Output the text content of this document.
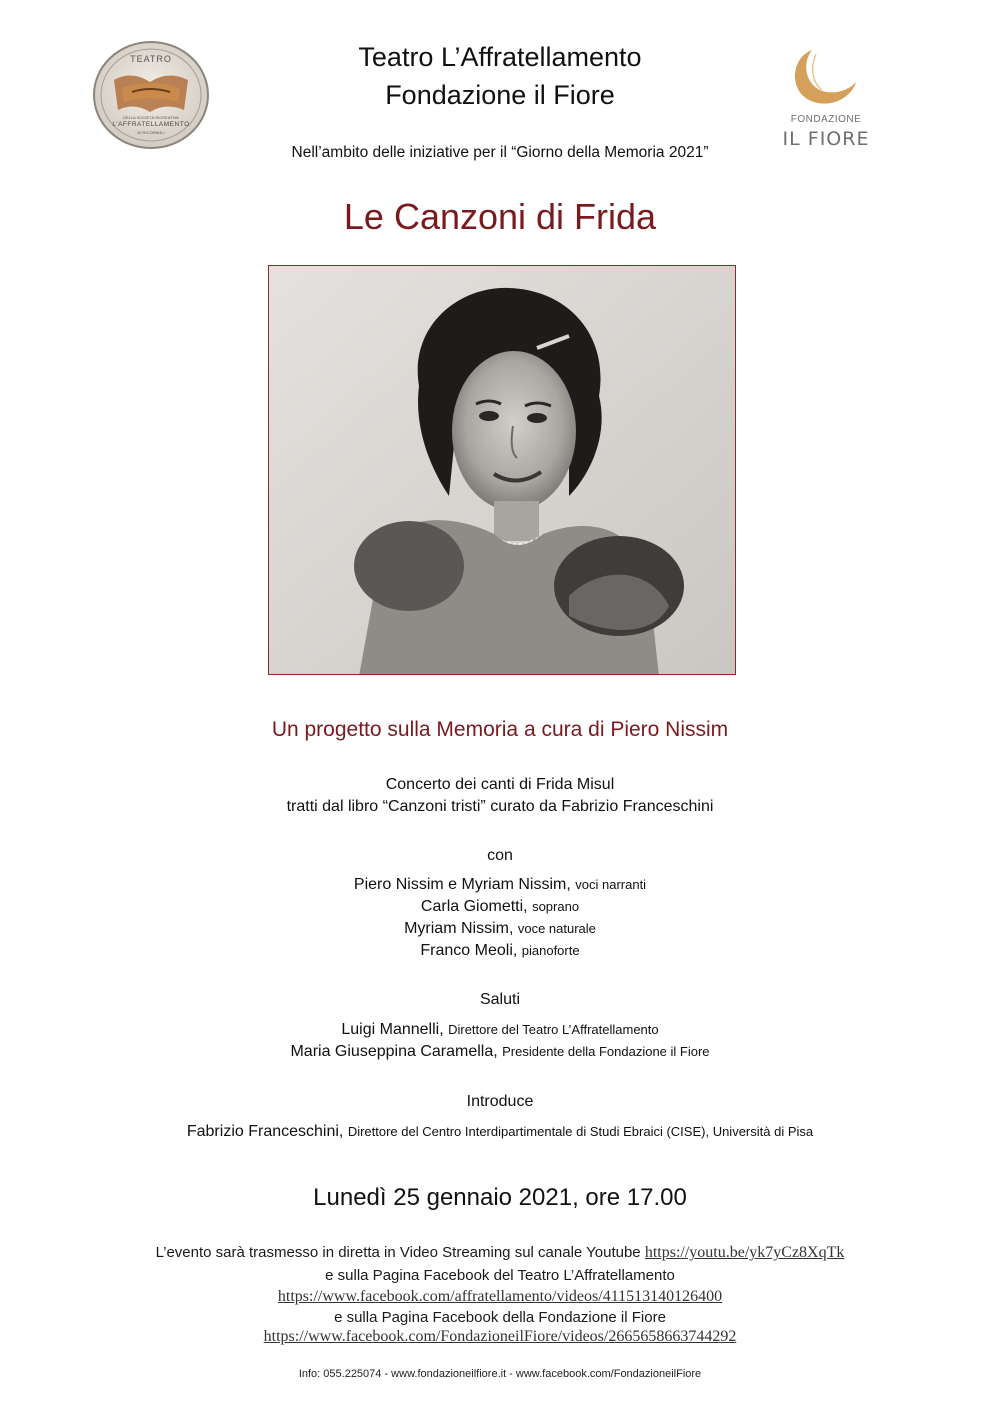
TEATRO
DELLA SOCIETÀ RICREATIVA
L’AFFRATELLAMENTO
DI RICORBOLI
Teatro L’Affratellamento
Fondazione il Fiore
FONDAZIONE
IL FIORE
Nell’ambito delle iniziative per il “Giorno della Memoria 2021”
Le Canzoni di Frida
Un progetto sulla Memoria a cura di Piero Nissim
Concerto dei canti di Frida Misul
tratti dal libro “Canzoni tristi” curato da Fabrizio Franceschini
con
Piero Nissim e Myriam Nissim, voci narranti
Carla Giometti, soprano
Myriam Nissim, voce naturale
Franco Meoli, pianoforte
Saluti
Luigi Mannelli, Direttore del Teatro L’Affratellamento
Maria Giuseppina Caramella, Presidente della Fondazione il Fiore
Introduce
Fabrizio Franceschini, Direttore del Centro Interdipartimentale di Studi Ebraici (CISE), Università di Pisa
Lunedì 25 gennaio 2021, ore 17.00
L’evento sarà trasmesso in diretta in Video Streaming sul canale Youtube https://youtu.be/yk7yCz8XqTk
e sulla Pagina Facebook del Teatro L’Affratellamento
https://www.facebook.com/affratellamento/videos/411513140126400
e sulla Pagina Facebook della Fondazione il Fiore
https://www.facebook.com/FondazioneilFiore/videos/2665658663744292
Info: 055.225074 - www.fondazioneilfiore.it - www.facebook.com/FondazioneilFiore
